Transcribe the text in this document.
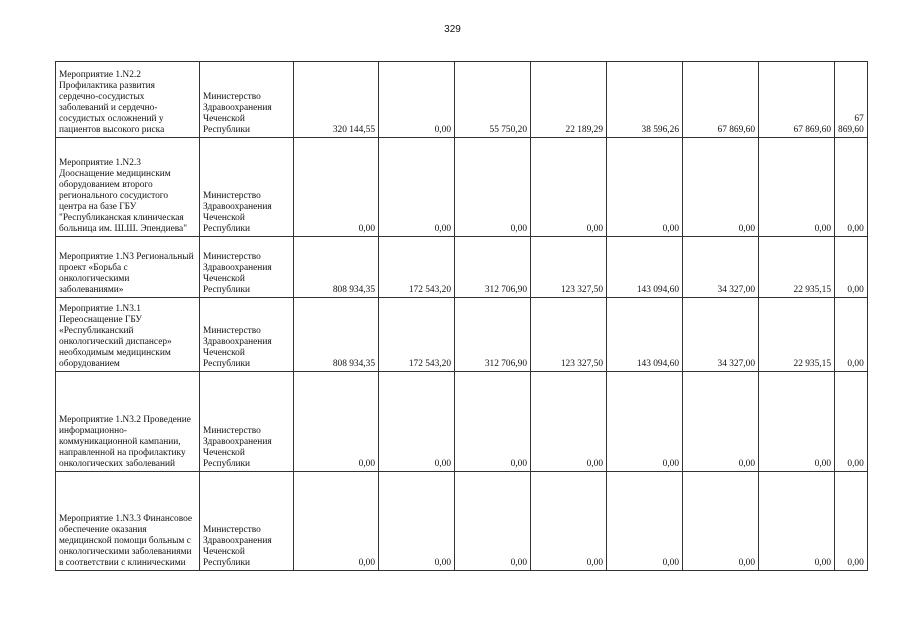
329
Мероприятие 1.N2.2 Профилактика развития сердечно-сосудистых заболеваний и сердечно-сосудистых осложнений у пациентов высокого риска	Министерство Здравоохранения Чеченской Республики	320 144,55	0,00	55 750,20	22 189,29	38 596,26	67 869,60	67 869,60	67 869,60
Мероприятие 1.N2.3 Дооснащение медицинским оборудованием второго регионального сосудистого центра на базе ГБУ "Республиканская клиническая больница им. Ш.Ш. Эпендиева"	Министерство Здравоохранения Чеченской Республики	0,00	0,00	0,00	0,00	0,00	0,00	0,00	0,00
Мероприятие 1.N3 Региональный проект «Борьба с онкологическими заболеваниями»	Министерство Здравоохранения Чеченской Республики	808 934,35	172 543,20	312 706,90	123 327,50	143 094,60	34 327,00	22 935,15	0,00
Мероприятие 1.N3.1 Переоснащение ГБУ «Республиканский онкологический диспансер» необходимым медицинским оборудованием	Министерство Здравоохранения Чеченской Республики	808 934,35	172 543,20	312 706,90	123 327,50	143 094,60	34 327,00	22 935,15	0,00
Мероприятие 1.N3.2 Проведение информационно-коммуникационной кампании, направленной на профилактику онкологических заболеваний	Министерство Здравоохранения Чеченской Республики	0,00	0,00	0,00	0,00	0,00	0,00	0,00	0,00
Мероприятие 1.N3.3 Финансовое обеспечение оказания медицинской помощи больным с онкологическими заболеваниями в соответствии с клиническими	Министерство Здравоохранения Чеченской Республики	0,00	0,00	0,00	0,00	0,00	0,00	0,00	0,00
